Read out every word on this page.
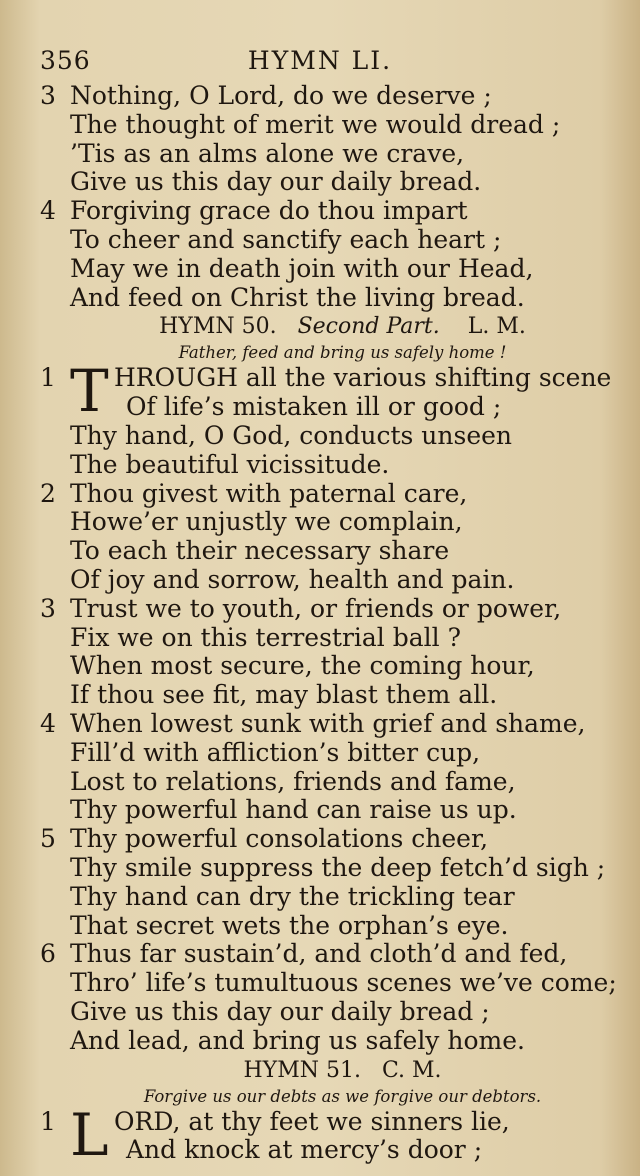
356	HYMN LI.
3 Nothing, O Lord, do we deserve ;
The thought of merit we would dread ;
’Tis as an alms alone we crave,
Give us this day our daily bread.
4 Forgiving grace do thou impart
To cheer and sanctify each heart ;
May we in death join with our Head,
And feed on Christ the living bread.
HYMN 50. Second Part. L. M.
Father, feed and bring us safely home !
1 T HROUGH all the various shifting scene
Of life’s mistaken ill or good ;
Thy hand, O God, conducts unseen
The beautiful vicissitude.
2 Thou givest with paternal care,
Howe’er unjustly we complain,
To each their necessary share
Of joy and sorrow, health and pain.
3 Trust we to youth, or friends or power,
Fix we on this terrestrial ball ?
When most secure, the coming hour,
If thou see fit, may blast them all.
4 When lowest sunk with grief and shame,
Fill’d with affliction’s bitter cup,
Lost to relations, friends and fame,
Thy powerful hand can raise us up.
5 Thy powerful consolations cheer,
Thy smile suppress the deep fetch’d sigh ;
Thy hand can dry the trickling tear
That secret wets the orphan’s eye.
6 Thus far sustain’d, and cloth’d and fed,
Thro’ life’s tumultuous scenes we’ve come;
Give us this day our daily bread ;
And lead, and bring us safely home.
HYMN 51. C. M.
Forgive us our debts as we forgive our debtors.
1 L ORD, at thy feet we sinners lie,
And knock at mercy’s door ;
